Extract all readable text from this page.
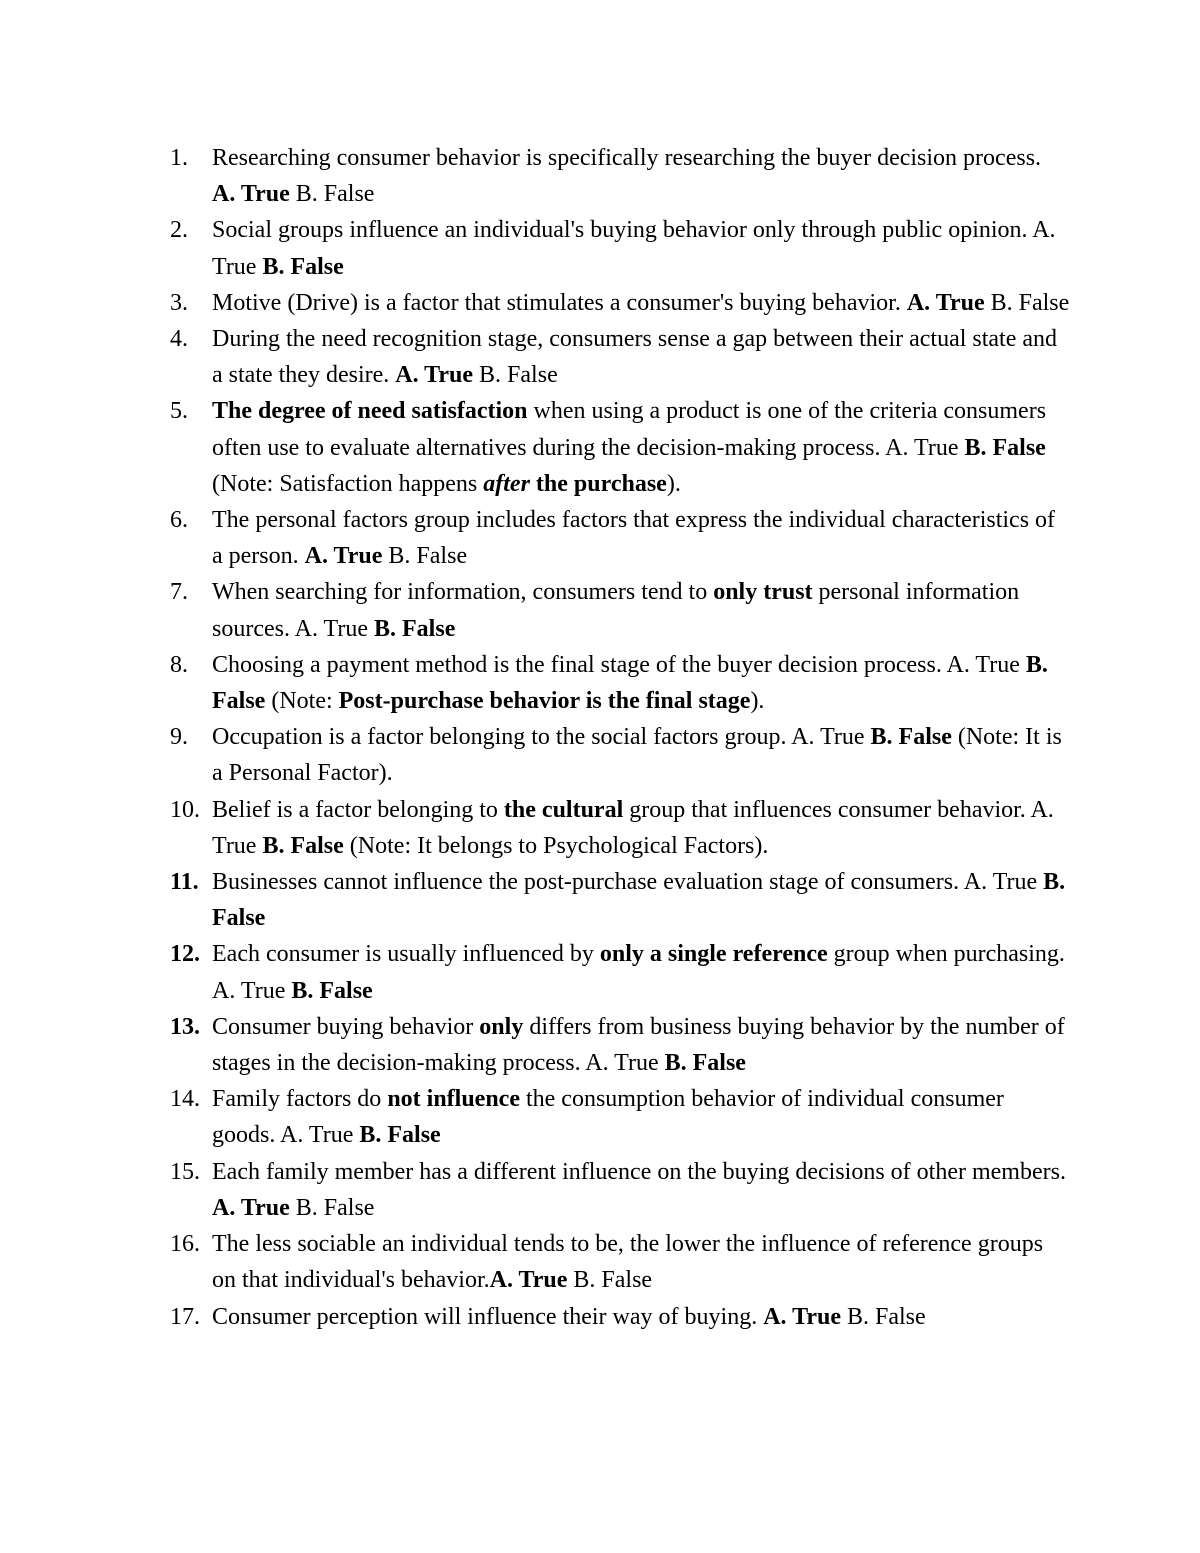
1. Researching consumer behavior is specifically researching the buyer decision process. A. True B. False
2. Social groups influence an individual's buying behavior only through public opinion. A. True B. False
3. Motive (Drive) is a factor that stimulates a consumer's buying behavior. A. True B. False
4. During the need recognition stage, consumers sense a gap between their actual state and a state they desire. A. True B. False
5. The degree of need satisfaction when using a product is one of the criteria consumers often use to evaluate alternatives during the decision-making process. A. True B. False (Note: Satisfaction happens after the purchase).
6. The personal factors group includes factors that express the individual characteristics of a person. A. True B. False
7. When searching for information, consumers tend to only trust personal information sources. A. True B. False
8. Choosing a payment method is the final stage of the buyer decision process. A. True B. False (Note: Post-purchase behavior is the final stage).
9. Occupation is a factor belonging to the social factors group. A. True B. False (Note: It is a Personal Factor).
10. Belief is a factor belonging to the cultural group that influences consumer behavior. A. True B. False (Note: It belongs to Psychological Factors).
11. Businesses cannot influence the post-purchase evaluation stage of consumers. A. True B. False
12. Each consumer is usually influenced by only a single reference group when purchasing. A. True B. False
13. Consumer buying behavior only differs from business buying behavior by the number of stages in the decision-making process. A. True B. False
14. Family factors do not influence the consumption behavior of individual consumer goods. A. True B. False
15. Each family member has a different influence on the buying decisions of other members. A. True B. False
16. The less sociable an individual tends to be, the lower the influence of reference groups on that individual's behavior.A. True B. False
17. Consumer perception will influence their way of buying. A. True B. False
